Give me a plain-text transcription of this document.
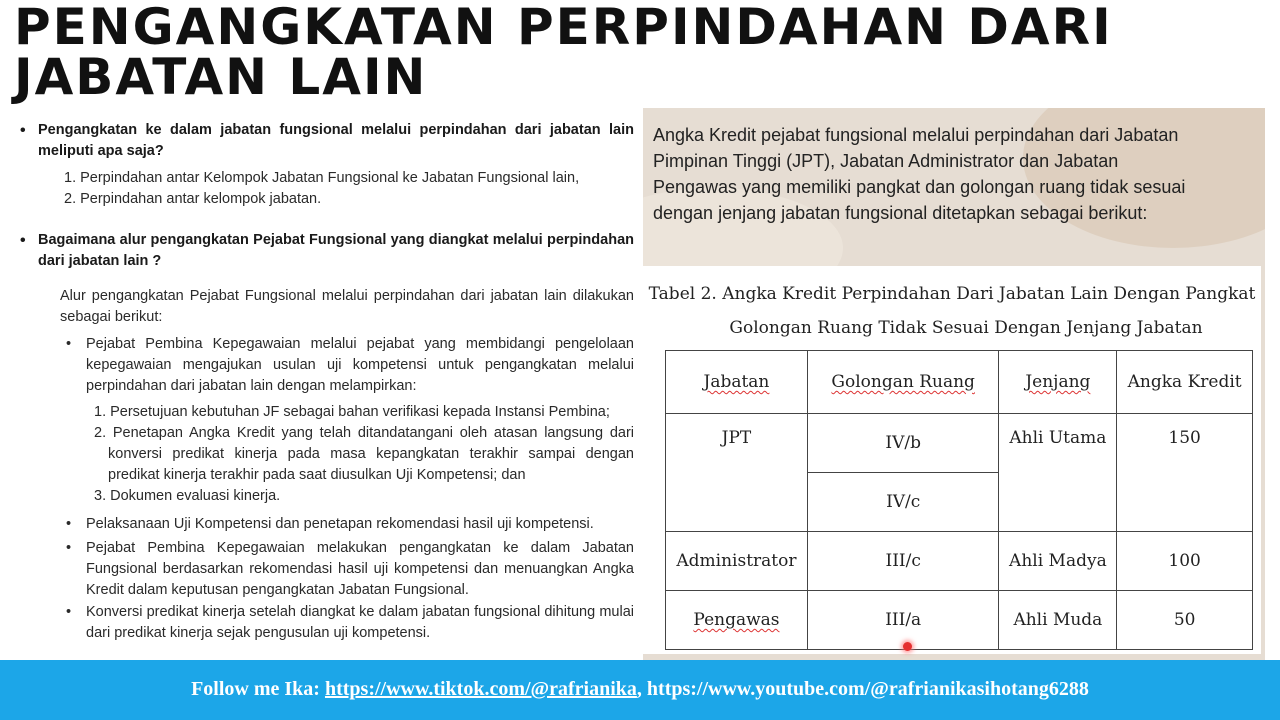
PENGANGKATAN PERPINDAHAN DARI
JABATAN LAIN
• Pengangkatan ke dalam jabatan fungsional melalui perpindahan dari jabatan lain meliputi apa saja?
1. Perpindahan antar Kelompok Jabatan Fungsional ke Jabatan Fungsional lain,
2. Perpindahan antar kelompok jabatan.
• Bagaimana alur pengangkatan Pejabat Fungsional yang diangkat melalui perpindahan dari jabatan lain ?
Alur pengangkatan Pejabat Fungsional melalui perpindahan dari jabatan lain dilakukan sebagai berikut:
• Pejabat Pembina Kepegawaian melalui pejabat yang membidangi pengelolaan kepegawaian mengajukan usulan uji kompetensi untuk pengangkatan melalui perpindahan dari jabatan lain dengan melampirkan:
1. Persetujuan kebutuhan JF sebagai bahan verifikasi kepada Instansi Pembina;
2. Penetapan Angka Kredit yang telah ditandatangani oleh atasan langsung dari konversi predikat kinerja pada masa kepangkatan terakhir sampai dengan predikat kinerja terakhir pada saat diusulkan Uji Kompetensi; dan
3. Dokumen evaluasi kinerja.
• Pelaksanaan Uji Kompetensi dan penetapan rekomendasi hasil uji kompetensi.
• Pejabat Pembina Kepegawaian melakukan pengangkatan ke dalam Jabatan Fungsional berdasarkan rekomendasi hasil uji kompetensi dan menuangkan Angka Kredit dalam keputusan pengangkatan Jabatan Fungsional.
• Konversi predikat kinerja setelah diangkat ke dalam jabatan fungsional dihitung mulai dari predikat kinerja sejak pengusulan uji kompetensi.

Angka Kredit pejabat fungsional melalui perpindahan dari Jabatan Pimpinan Tinggi (JPT), Jabatan Administrator dan Jabatan Pengawas yang memiliki pangkat dan golongan ruang tidak sesuai dengan jenjang jabatan fungsional ditetapkan sebagai berikut:

Tabel 2. Angka Kredit Perpindahan Dari Jabatan Lain Dengan Pangkat
Golongan Ruang Tidak Sesuai Dengan Jenjang Jabatan
Jabatan	Golongan Ruang	Jenjang	Angka Kredit
JPT	IV/b	Ahli Utama	150
	IV/c		
Administrator	III/c	Ahli Madya	100
Pengawas	III/a	Ahli Muda	50
Follow me Ika: https://www.tiktok.com/@rafrianika, https://www.youtube.com/@rafrianikasihotang6288
